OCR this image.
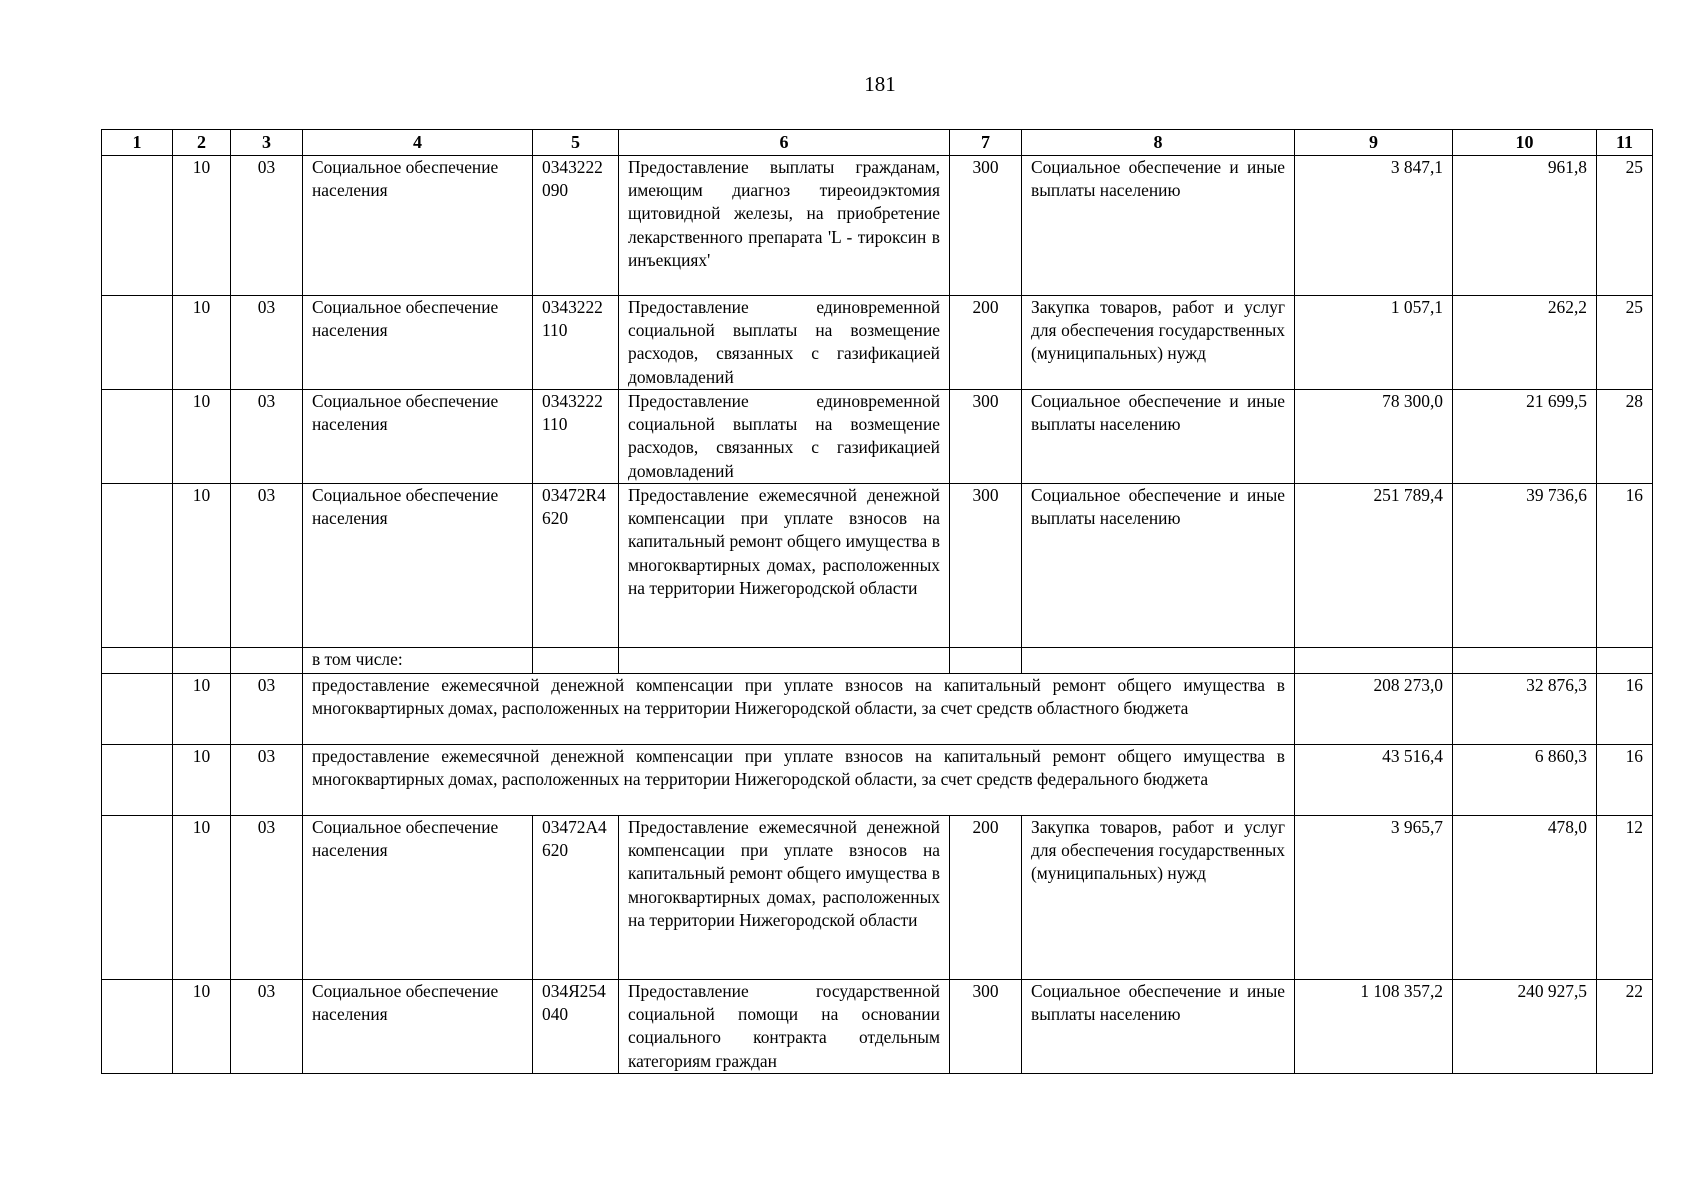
181
1	2	3	4	5	6	7	8	9	10	11
	10	03	Социальное обеспечение населения	0343222090	Предоставление выплаты гражданам, имеющим диагноз тиреоидэктомия щитовидной железы, на приобретение лекарственного препарата 'L - тироксин в инъекциях'	300	Социальное обеспечение и иные выплаты населению	3 847,1	961,8	25
	10	03	Социальное обеспечение населения	0343222110	Предоставление единовременной социальной выплаты на возмещение расходов, связанных с газификацией домовладений	200	Закупка товаров, работ и услуг для обеспечения государственных (муниципальных) нужд	1 057,1	262,2	25
	10	03	Социальное обеспечение населения	0343222110	Предоставление единовременной социальной выплаты на возмещение расходов, связанных с газификацией домовладений	300	Социальное обеспечение и иные выплаты населению	78 300,0	21 699,5	28
	10	03	Социальное обеспечение населения	03472R4620	Предоставление ежемесячной денежной компенсации при уплате взносов на капитальный ремонт общего имущества в многоквартирных домах, расположенных на территории Нижегородской области	300	Социальное обеспечение и иные выплаты населению	251 789,4	39 736,6	16
			в том числе:							
	10	03	предоставление ежемесячной денежной компенсации при уплате взносов на капитальный ремонт общего имущества в многоквартирных домах, расположенных на территории Нижегородской области, за счет средств областного бюджета					208 273,0	32 876,3	16
	10	03	предоставление ежемесячной денежной компенсации при уплате взносов на капитальный ремонт общего имущества в многоквартирных домах, расположенных на территории Нижегородской области, за счет средств федерального бюджета					43 516,4	6 860,3	16
	10	03	Социальное обеспечение населения	03472А4620	Предоставление ежемесячной денежной компенсации при уплате взносов на капитальный ремонт общего имущества в многоквартирных домах, расположенных на территории Нижегородской области	200	Закупка товаров, работ и услуг для обеспечения государственных (муниципальных) нужд	3 965,7	478,0	12
	10	03	Социальное обеспечение населения	034Я254040	Предоставление государственной социальной помощи на основании социального контракта отдельным категориям граждан	300	Социальное обеспечение и иные выплаты населению	1 108 357,2	240 927,5	22
